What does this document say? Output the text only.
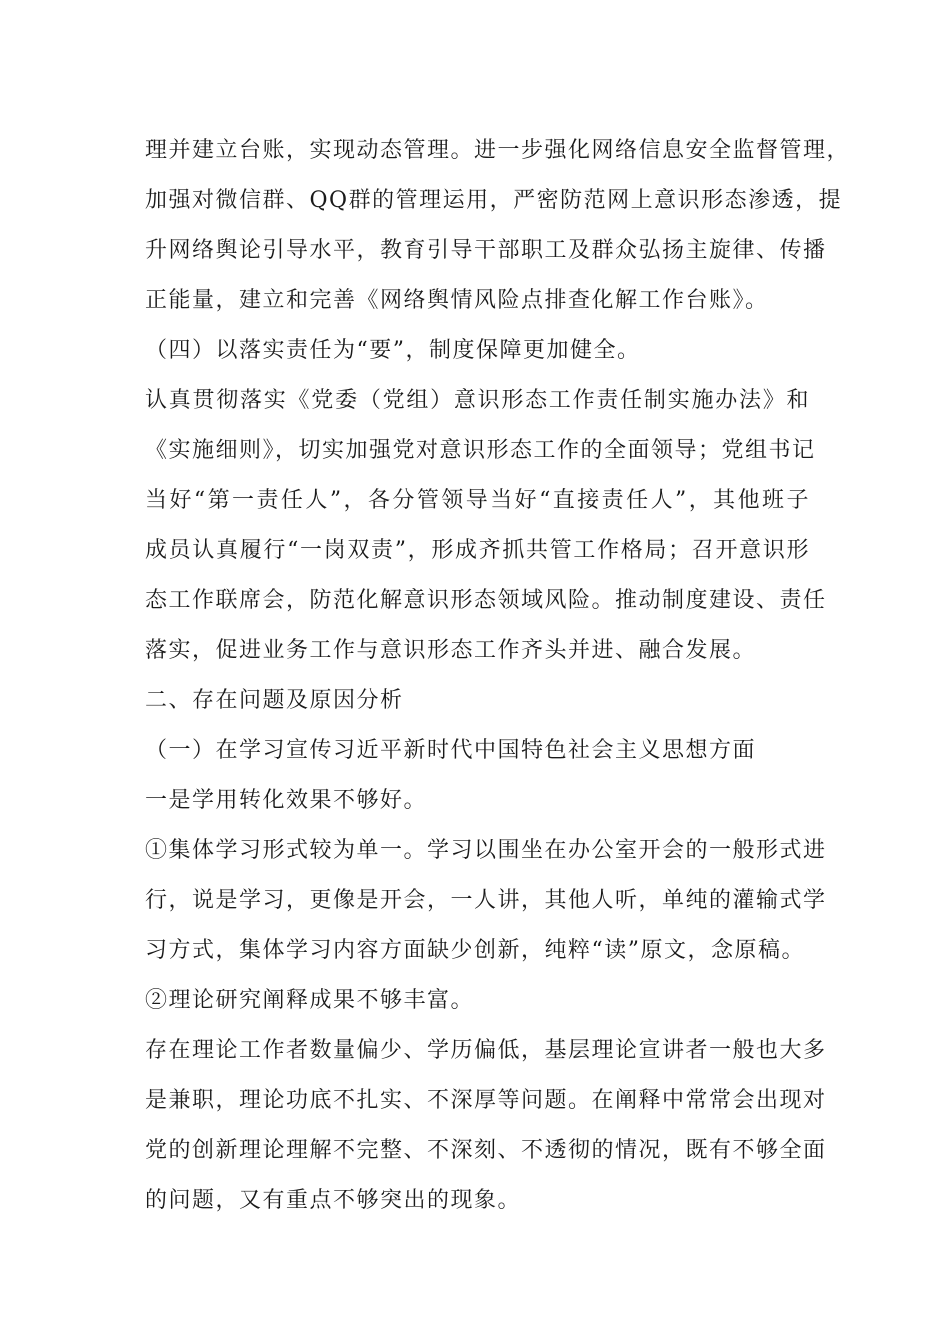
理并建立台账，实现动态管理。进一步强化网络信息安全监督管理，
加强对微信群、QQ群的管理运用，严密防范网上意识形态渗透，提
升网络舆论引导水平，教育引导干部职工及群众弘扬主旋律、传播
正能量，建立和完善《网络舆情风险点排查化解工作台账》。
（四）以落实责任为“要”，制度保障更加健全。
认真贯彻落实《党委（党组）意识形态工作责任制实施办法》和
《实施细则》，切实加强党对意识形态工作的全面领导；党组书记
当好“第一责任人”，各分管领导当好“直接责任人”，其他班子
成员认真履行“一岗双责”，形成齐抓共管工作格局；召开意识形
态工作联席会，防范化解意识形态领域风险。推动制度建设、责任
落实，促进业务工作与意识形态工作齐头并进、融合发展。
二、存在问题及原因分析
（一）在学习宣传习近平新时代中国特色社会主义思想方面
一是学用转化效果不够好。
①集体学习形式较为单一。学习以围坐在办公室开会的一般形式进
行，说是学习，更像是开会，一人讲，其他人听，单纯的灌输式学
习方式，集体学习内容方面缺少创新，纯粹“读”原文，念原稿。
②理论研究阐释成果不够丰富。
存在理论工作者数量偏少、学历偏低，基层理论宣讲者一般也大多
是兼职，理论功底不扎实、不深厚等问题。在阐释中常常会出现对
党的创新理论理解不完整、不深刻、不透彻的情况，既有不够全面
的问题，又有重点不够突出的现象。
